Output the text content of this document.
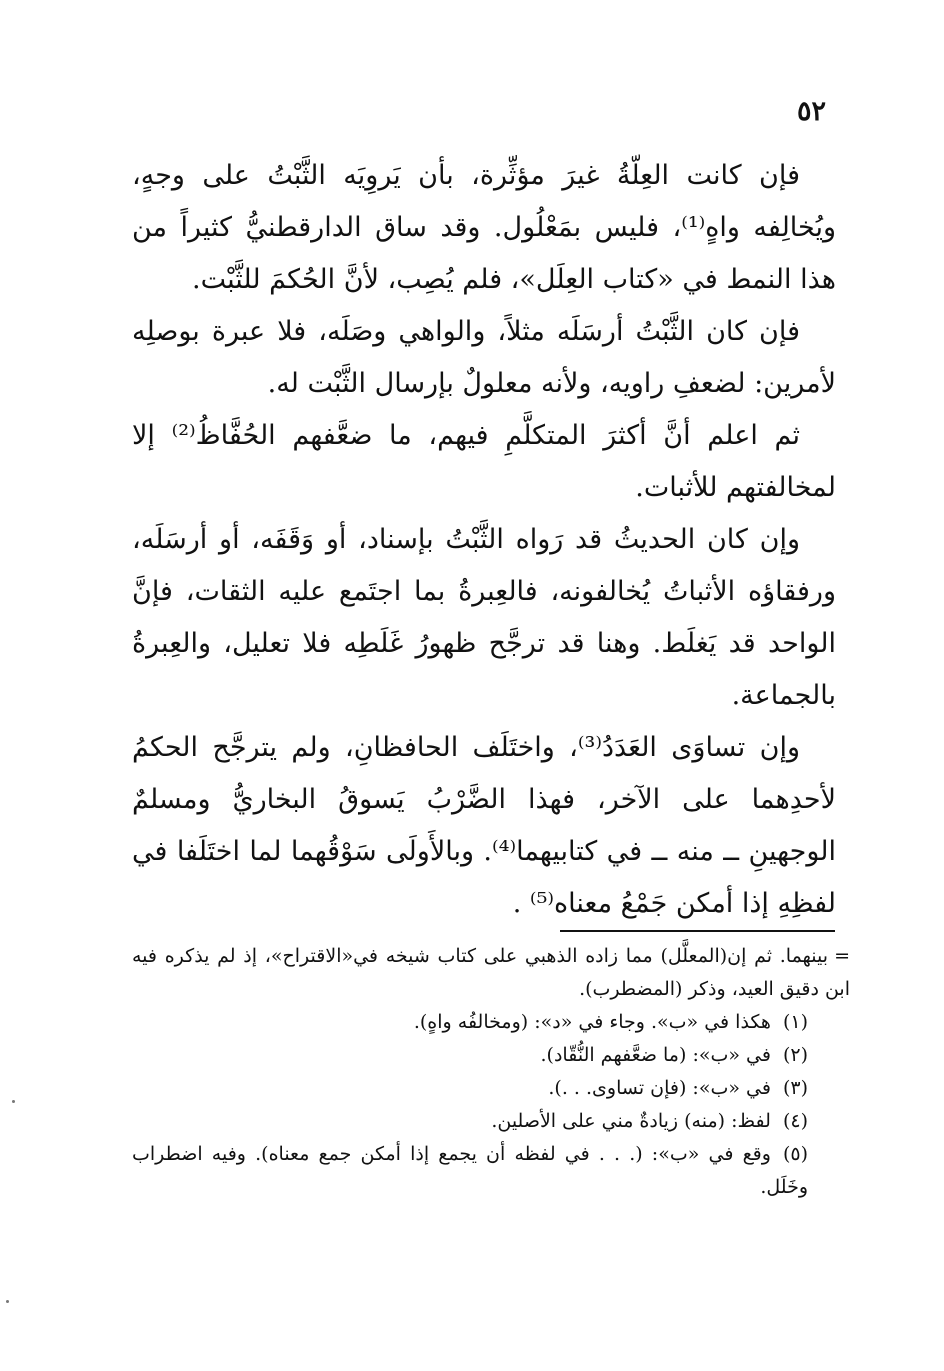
٥٢

فإن كانت العِلّةُ غيرَ مؤثِّرة، بأن يَروِيَه الثَّبْتُ على وجهٍ، ويُخالِفه واهٍ⁽¹⁾، فليس بمَعْلُول. وقد ساق الدارقطنيُّ كثيراً من هذا النمط في «كتاب العِلَل»، فلم يُصِب، لأنَّ الحُكمَ للثَّبْت.

فإن كان الثَّبْتُ أرسَلَه مثلاً، والواهي وصَلَه، فلا عبرة بوصلِه لأمرين: لضعفِ راويه، ولأنه معلولٌ بإرسال الثَّبْت له.

ثم اعلم أنَّ أكثرَ المتكلَّمِ فيهم، ما ضعَّفهم الحُفَّاظُ⁽²⁾ إلا لمخالفتهم للأثبات.

وإن كان الحديثُ قد رَواه الثَّبْتُ بإسناد، أو وَقَفَه، أو أرسَلَه، ورفقاؤه الأثباتُ يُخالفونه، فالعِبرةُ بما اجتَمع عليه الثقات، فإنَّ الواحد قد يَغلَط. وهنا قد ترجَّح ظهورُ غَلَطِه فلا تعليل، والعِبرةُ بالجماعة.

وإن تساوَى العَدَدُ⁽³⁾، واختَلَف الحافظانِ، ولم يترجَّح الحكمُ لأحدِهما على الآخر، فهذا الضَّرْبُ يَسوقُ البخاريُّ ومسلمٌ الوجهينِ ــ منه ــ في كتابيهما⁽⁴⁾. وبالأَولَى سَوْقُهما لما اختَلَفا في لفظِهِ إذا أمكن جَمْعُ معناه⁽⁵⁾ .

=بينهما. ثم إن(المعلَّل) مما زاده الذهبي على كتاب شيخه في«الاقتراح»، إذ لم يذكره فيه ابن دقيق العيد، وذكر (المضطرب).

(١)هكذا في «ب». وجاء في «د»: (ومخالفُه واهٍ).

(٢)في «ب»: (ما ضعَّفهم النُّقّاد).

(٣)في «ب»: (فإن تساوى. . .).

(٤)لفظ: (منه) زيادةٌ مني على الأصلين.

(٥)وقع في «ب»: (. . . في لفظه أن يجمع إذا أمكن جمع معناه). وفيه اضطراب وخَلَل.
